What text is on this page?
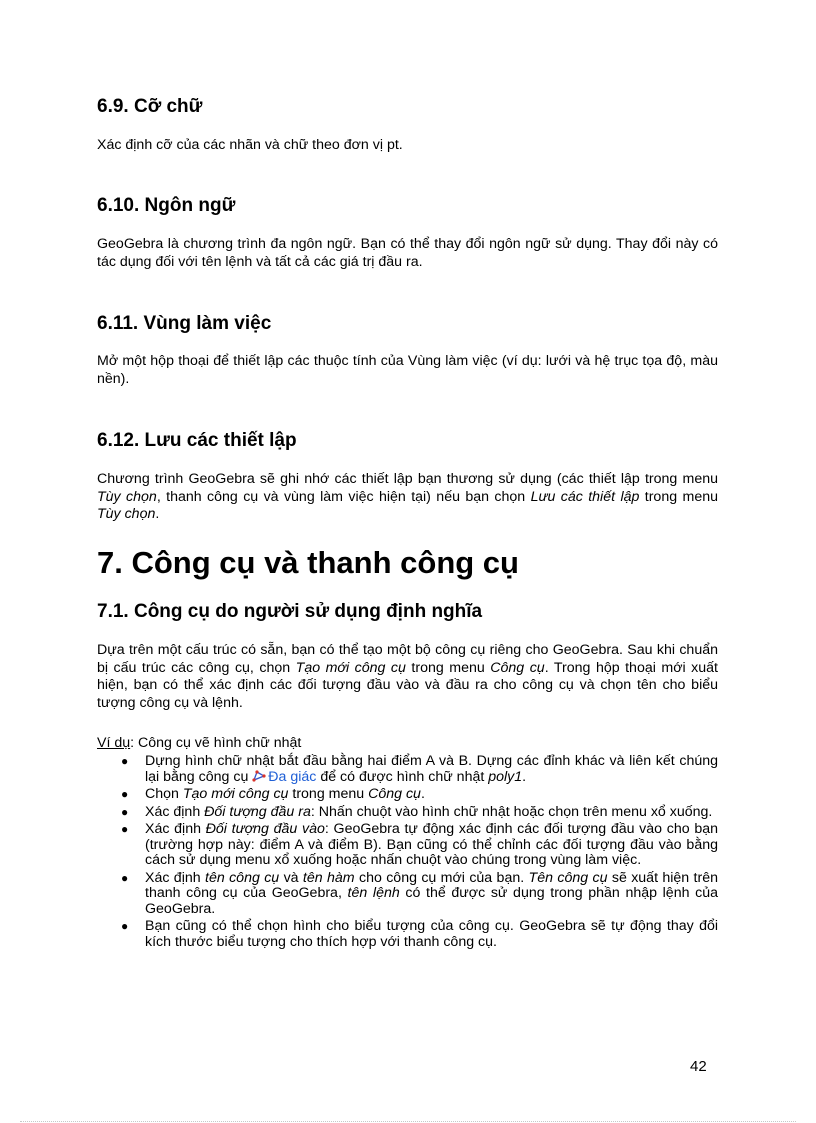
6.9. Cỡ chữ

Xác định cỡ của các nhãn và chữ theo đơn vị pt.

6.10. Ngôn ngữ

GeoGebra là chương trình đa ngôn ngữ. Bạn có thể thay đổi ngôn ngữ sử dụng. Thay đổi này có tác dụng đối với tên lệnh và tất cả các giá trị đầu ra.

6.11. Vùng làm việc

Mở một hộp thoại để thiết lập các thuộc tính của Vùng làm việc (ví dụ: lưới và hệ trục tọa độ, màu nền).

6.12. Lưu các thiết lập

Chương trình GeoGebra sẽ ghi nhớ các thiết lập bạn thương sử dụng (các thiết lập trong menu Tùy chọn, thanh công cụ và vùng làm việc hiện tại) nếu bạn chọn Lưu các thiết lập trong menu Tùy chọn.

7. Công cụ và thanh công cụ
7.1. Công cụ do người sử dụng định nghĩa

Dựa trên một cấu trúc có sẵn, bạn có thể tạo một bộ công cụ riêng cho GeoGebra. Sau khi chuẩn bị cấu trúc các công cụ, chọn Tạo mới công cụ trong menu Công cụ. Trong hộp thoại mới xuất hiện, bạn có thể xác định các đối tượng đầu vào và đầu ra cho công cụ và chọn tên cho biểu tượng công cụ và lệnh.

Ví dụ: Công cụ vẽ hình chữ nhật

● Dựng hình chữ nhật bắt đầu bằng hai điểm A và B. Dựng các đỉnh khác và liên kết chúng lại bằng công cụ Đa giác để có được hình chữ nhật poly1.
● Chọn Tạo mới công cụ trong menu Công cụ.
● Xác định Đối tượng đầu ra: Nhấn chuột vào hình chữ nhật hoặc chọn trên menu xổ xuống.
● Xác định Đối tượng đầu vào: GeoGebra tự động xác định các đối tượng đầu vào cho bạn (trường hợp này: điểm A và điểm B). Bạn cũng có thể chỉnh các đối tượng đầu vào bằng cách sử dụng menu xổ xuống hoặc nhấn chuột vào chúng trong vùng làm việc.
● Xác định tên công cụ và tên hàm cho công cụ mới của bạn. Tên công cụ sẽ xuất hiện trên thanh công cụ của GeoGebra, tên lệnh có thể được sử dụng trong phần nhập lệnh của GeoGebra.
● Bạn cũng có thể chọn hình cho biểu tượng của công cụ. GeoGebra sẽ tự động thay đổi kích thước biểu tượng cho thích hợp với thanh công cụ.
42
